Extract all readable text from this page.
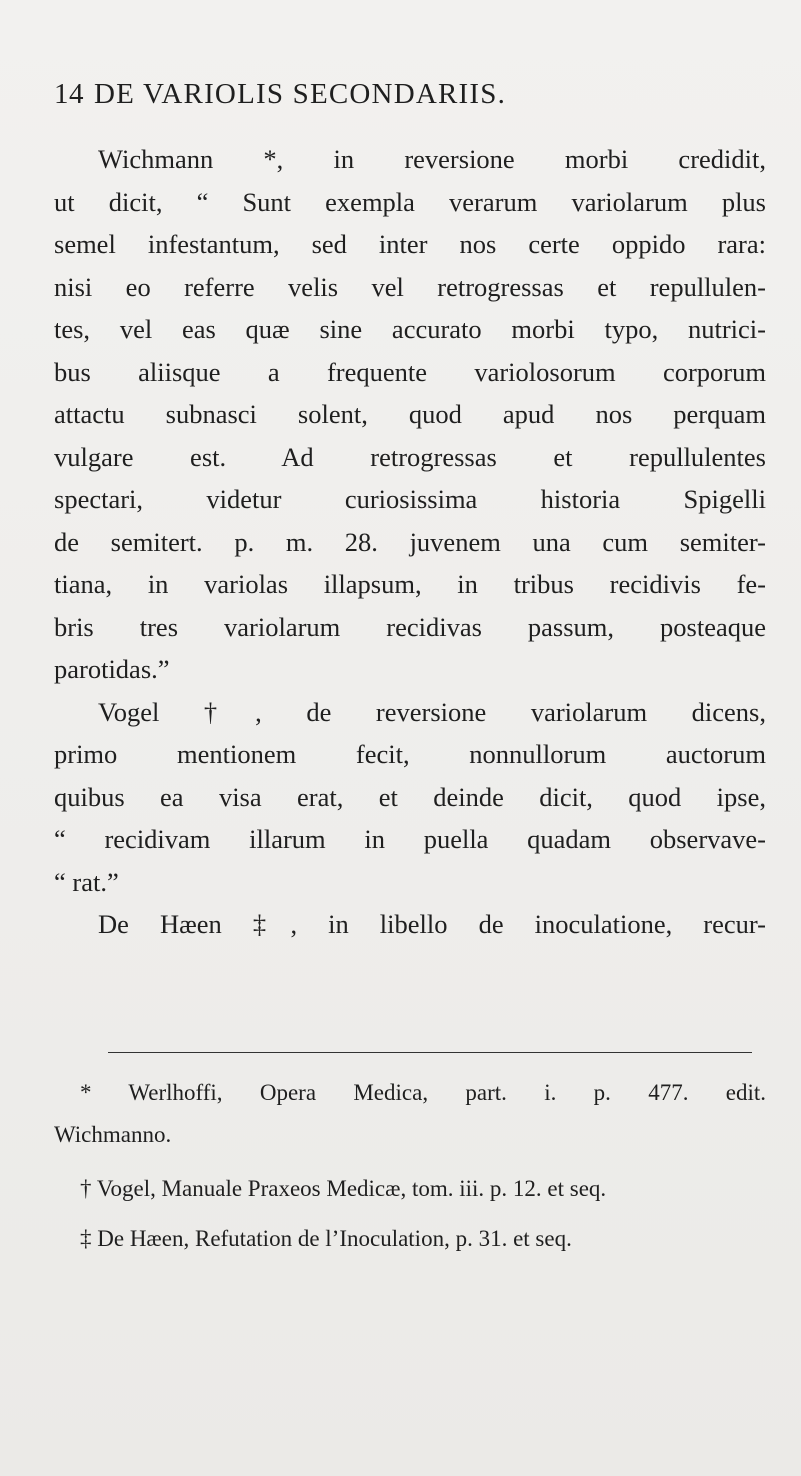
14 DE VARIOLIS SECONDARIIS.
Wichmann *, in reversione morbi credidit,
ut dicit, “ Sunt exempla verarum variolarum plus
semel infestantum, sed inter nos certe oppido rara:
nisi eo referre velis vel retrogressas et repullulen-
tes, vel eas quæ sine accurato morbi typo, nutrici-
bus aliisque a frequente variolosorum corporum
attactu subnasci solent, quod apud nos perquam
vulgare est. Ad retrogressas et repullulentes
spectari, videtur curiosissima historia Spigelli
de semitert. p. m. 28. juvenem una cum semiter-
tiana, in variolas illapsum, in tribus recidivis fe-
bris tres variolarum recidivas passum, posteaque
parotidas.”
Vogel †, de reversione variolarum dicens,
primo mentionem fecit, nonnullorum auctorum
quibus ea visa erat, et deinde dicit, quod ipse,
“ recidivam illarum in puella quadam observave-
“ rat.”
De Hæen ‡, in libello de inoculatione, recur-
* Werlhoffi, Opera Medica, part. i. p. 477. edit.
Wichmanno.
† Vogel, Manuale Praxeos Medicæ, tom. iii. p. 12. et seq.
‡ De Hæen, Refutation de l’Inoculation, p. 31. et seq.
